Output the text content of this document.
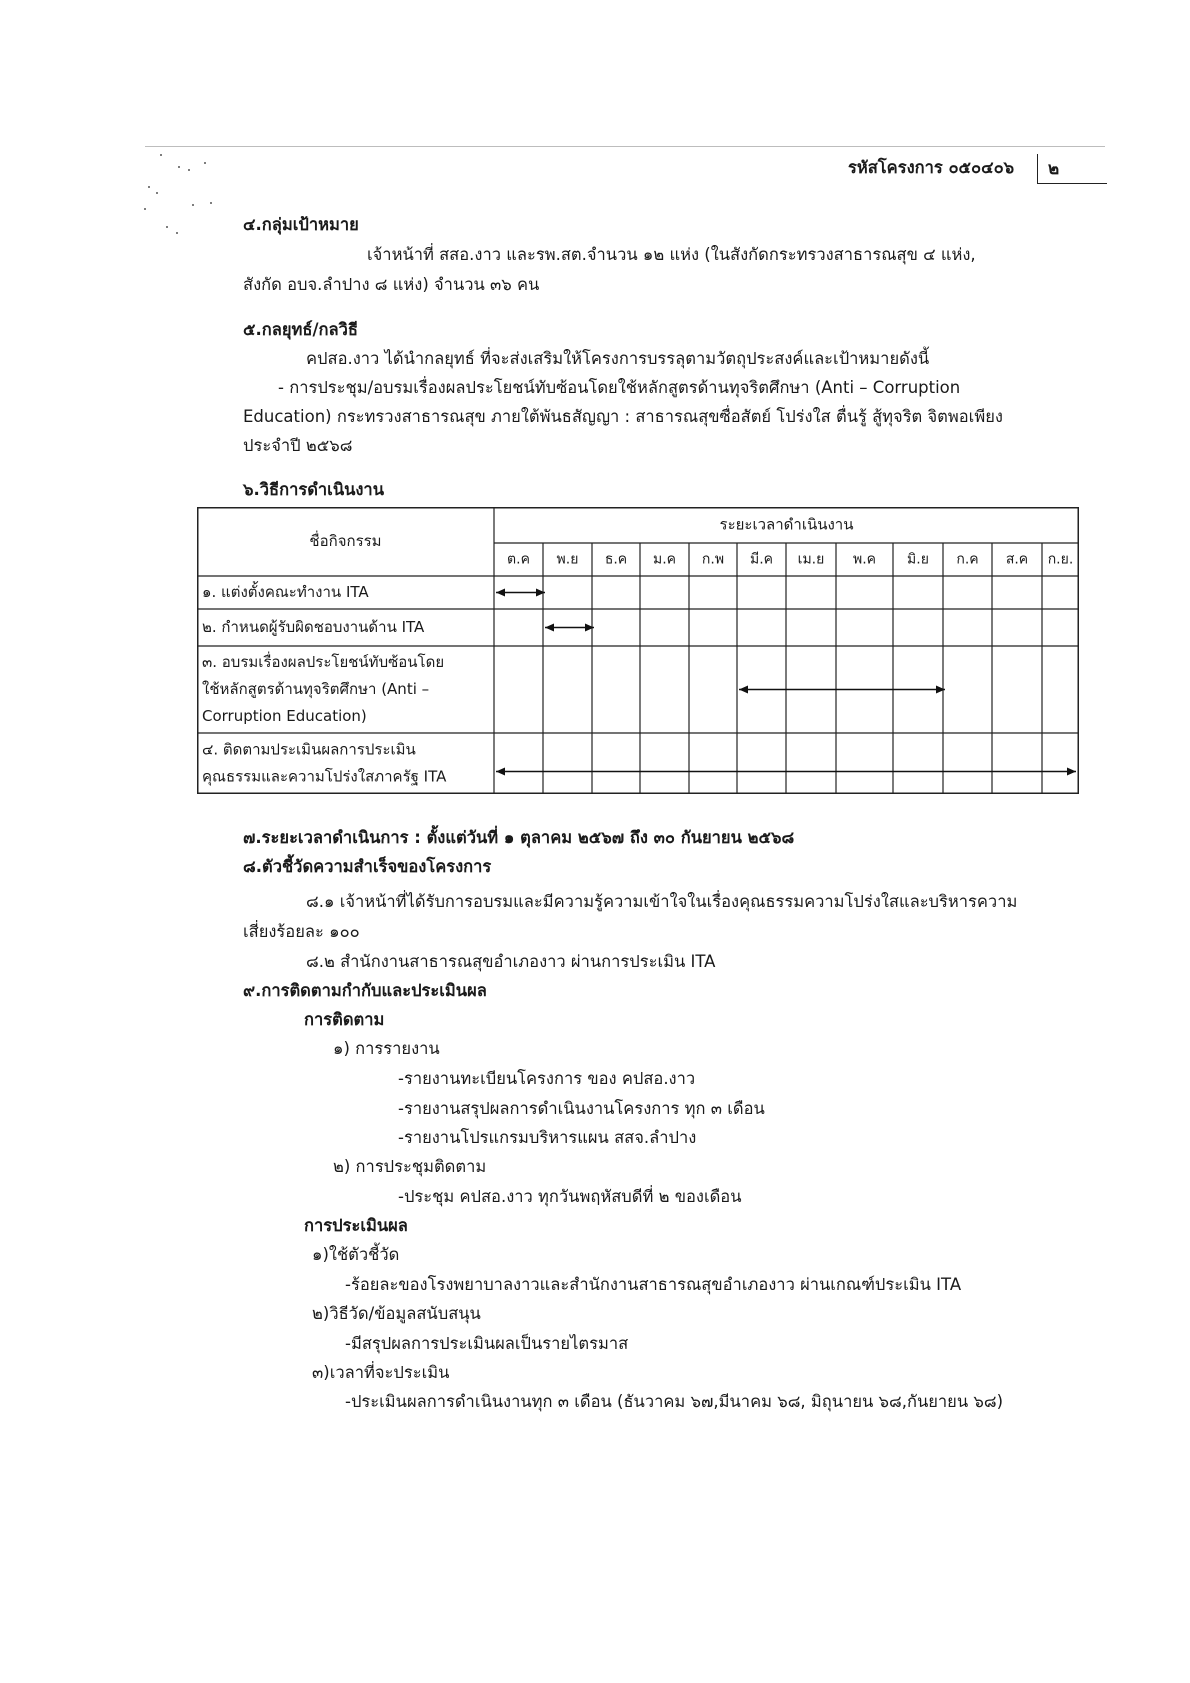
รหัสโครงการ ๐๕๐๔๐๖	๒
๔.กลุ่มเป้าหมาย
เจ้าหน้าที่ สสอ.งาว และรพ.สต.จำนวน ๑๒ แห่ง (ในสังกัดกระทรวงสาธารณสุข ๔ แห่ง,
สังกัด อบจ.ลำปาง ๘ แห่ง) จำนวน ๓๖ คน
๕.กลยุทธ์/กลวิธี
คปสอ.งาว ได้นำกลยุทธ์ ที่จะส่งเสริมให้โครงการบรรลุตามวัตถุประสงค์และเป้าหมายดังนี้
- การประชุม/อบรมเรื่องผลประโยชน์ทับซ้อนโดยใช้หลักสูตรด้านทุจริตศึกษา (Anti – Corruption
Education) กระทรวงสาธารณสุข ภายใต้พันธสัญญา : สาธารณสุขซื่อสัตย์ โปร่งใส ตื่นรู้ สู้ทุจริต จิตพอเพียง
ประจำปี ๒๕๖๘
๖.วิธีการดำเนินงาน
ชื่อกิจกรรม
ระยะเวลาดำเนินงาน
ต.ค พ.ย ธ.ค ม.ค ก.พ มี.ค เม.ย พ.ค มิ.ย ก.ค ส.ค ก.ย.
๑. แต่งตั้งคณะทำงาน ITA
๒. กำหนดผู้รับผิดชอบงานด้าน ITA
๓. อบรมเรื่องผลประโยชน์ทับซ้อนโดย
ใช้หลักสูตรด้านทุจริตศึกษา (Anti –
Corruption Education)
๔. ติดตามประเมินผลการประเมิน
คุณธรรมและความโปร่งใสภาครัฐ ITA
๗.ระยะเวลาดำเนินการ : ตั้งแต่วันที่ ๑ ตุลาคม ๒๕๖๗ ถึง ๓๐ กันยายน ๒๕๖๘
๘.ตัวชี้วัดความสำเร็จของโครงการ
๘.๑ เจ้าหน้าที่ได้รับการอบรมและมีความรู้ความเข้าใจในเรื่องคุณธรรมความโปร่งใสและบริหารความ
เสี่ยงร้อยละ ๑๐๐
๘.๒ สำนักงานสาธารณสุขอำเภองาว ผ่านการประเมิน ITA
๙.การติดตามกำกับและประเมินผล
การติดตาม
๑) การรายงาน
-รายงานทะเบียนโครงการ ของ คปสอ.งาว
-รายงานสรุปผลการดำเนินงานโครงการ ทุก ๓ เดือน
-รายงานโปรแกรมบริหารแผน สสจ.ลำปาง
๒) การประชุมติดตาม
-ประชุม คปสอ.งาว ทุกวันพฤหัสบดีที่ ๒ ของเดือน
การประเมินผล
๑)ใช้ตัวชี้วัด
-ร้อยละของโรงพยาบาลงาวและสำนักงานสาธารณสุขอำเภองาว ผ่านเกณฑ์ประเมิน ITA
๒)วิธีวัด/ข้อมูลสนับสนุน
-มีสรุปผลการประเมินผลเป็นรายไตรมาส
๓)เวลาที่จะประเมิน
-ประเมินผลการดำเนินงานทุก ๓ เดือน (ธันวาคม ๖๗,มีนาคม ๖๘, มิถุนายน ๖๘,กันยายน ๖๘)
